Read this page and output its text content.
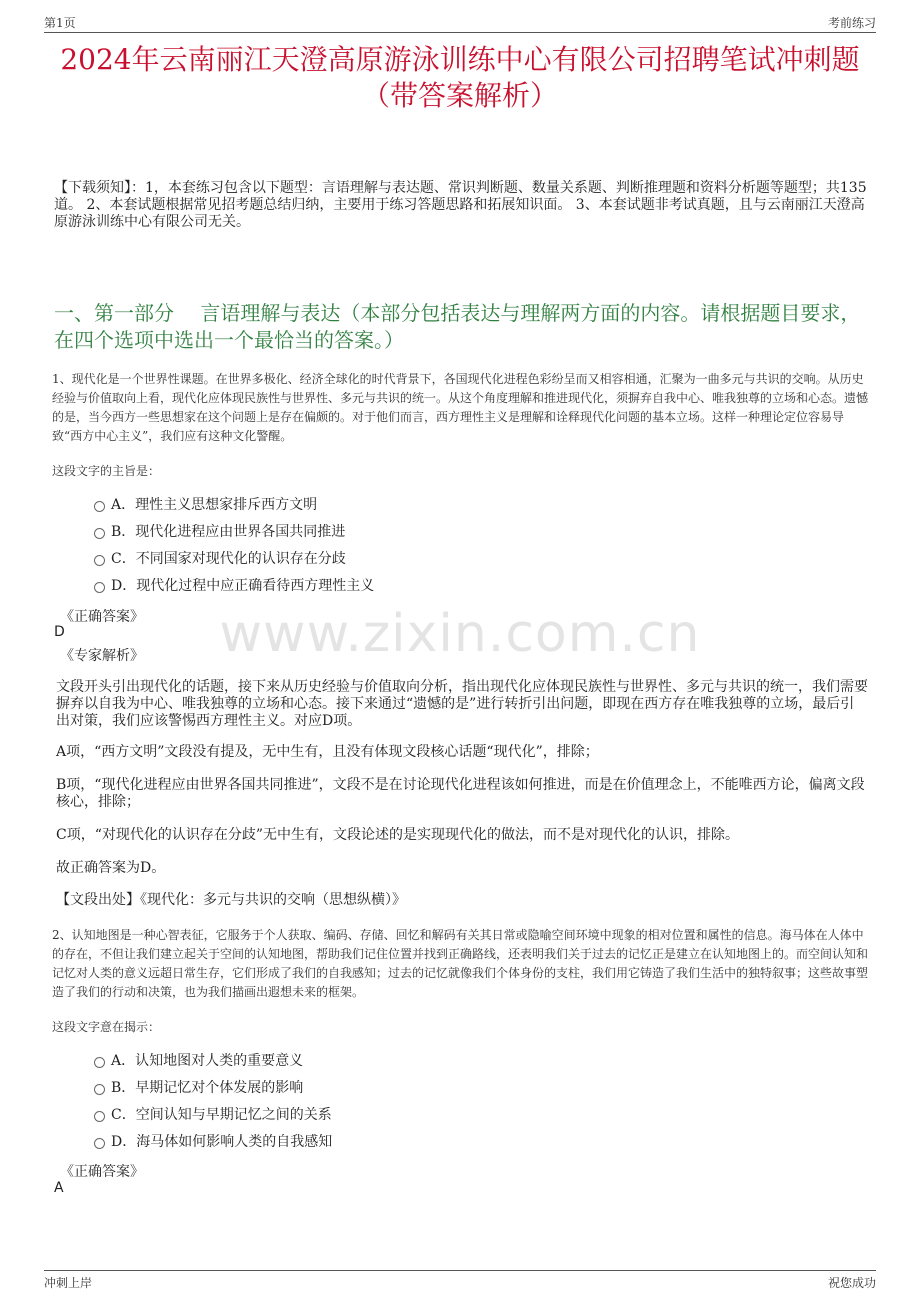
第1页	考前练习
2024年云南丽江天澄高原游泳训练中心有限公司招聘笔试冲刺题（带答案解析）
【下载须知】：1，本套练习包含以下题型：言语理解与表达题、常识判断题、数量关系题、判断推理题和资料分析题等题型；共135道。 2、本套试题根据常见招考题总结归纳，主要用于练习答题思路和拓展知识面。 3、本套试题非考试真题，且与云南丽江天澄高原游泳训练中心有限公司无关。
一、第一部分　 言语理解与表达（本部分包括表达与理解两方面的内容。请根据题目要求，在四个选项中选出一个最恰当的答案。）
1、现代化是一个世界性课题。在世界多极化、经济全球化的时代背景下，各国现代化进程色彩纷呈而又相容相通，汇聚为一曲多元与共识的交响。从历史经验与价值取向上看，现代化应体现民族性与世界性、多元与共识的统一。从这个角度理解和推进现代化，须摒弃自我中心、唯我独尊的立场和心态。遗憾的是，当今西方一些思想家在这个问题上是存在偏颇的。对于他们而言，西方理性主义是理解和诠释现代化问题的基本立场。这样一种理论定位容易导致“西方中心主义”，我们应有这种文化警醒。
这段文字的主旨是：
A．理性主义思想家排斥西方文明
B．现代化进程应由世界各国共同推进
C．不同国家对现代化的认识存在分歧
D．现代化过程中应正确看待西方理性主义
《正确答案》
D
《专家解析》	www.zixin.com.cn
文段开头引出现代化的话题，接下来从历史经验与价值取向分析，指出现代化应体现民族性与世界性、多元与共识的统一，我们需要摒弃以自我为中心、唯我独尊的立场和心态。接下来通过“遗憾的是”进行转折引出问题，即现在西方存在唯我独尊的立场，最后引出对策，我们应该警惕西方理性主义。对应D项。
A项，“西方文明”文段没有提及，无中生有，且没有体现文段核心话题“现代化”，排除；
B项，“现代化进程应由世界各国共同推进”，文段不是在讨论现代化进程该如何推进，而是在价值理念上，不能唯西方论，偏离文段核心，排除；
C项，“对现代化的认识存在分歧”无中生有，文段论述的是实现现代化的做法，而不是对现代化的认识，排除。
故正确答案为D。
【文段出处】《现代化：多元与共识的交响（思想纵横）》
2、认知地图是一种心智表征，它服务于个人获取、编码、存储、回忆和解码有关其日常或隐喻空间环境中现象的相对位置和属性的信息。海马体在人体中的存在，不但让我们建立起关于空间的认知地图，帮助我们记住位置并找到正确路线，还表明我们关于过去的记忆正是建立在认知地图上的。而空间认知和记忆对人类的意义远超日常生存，它们形成了我们的自我感知；过去的记忆就像我们个体身份的支柱，我们用它铸造了我们生活中的独特叙事；这些故事塑造了我们的行动和决策，也为我们描画出遐想未来的框架。
这段文字意在揭示：
A．认知地图对人类的重要意义
B．早期记忆对个体发展的影响
C．空间认知与早期记忆之间的关系
D．海马体如何影响人类的自我感知
《正确答案》
A
冲刺上岸	祝您成功
